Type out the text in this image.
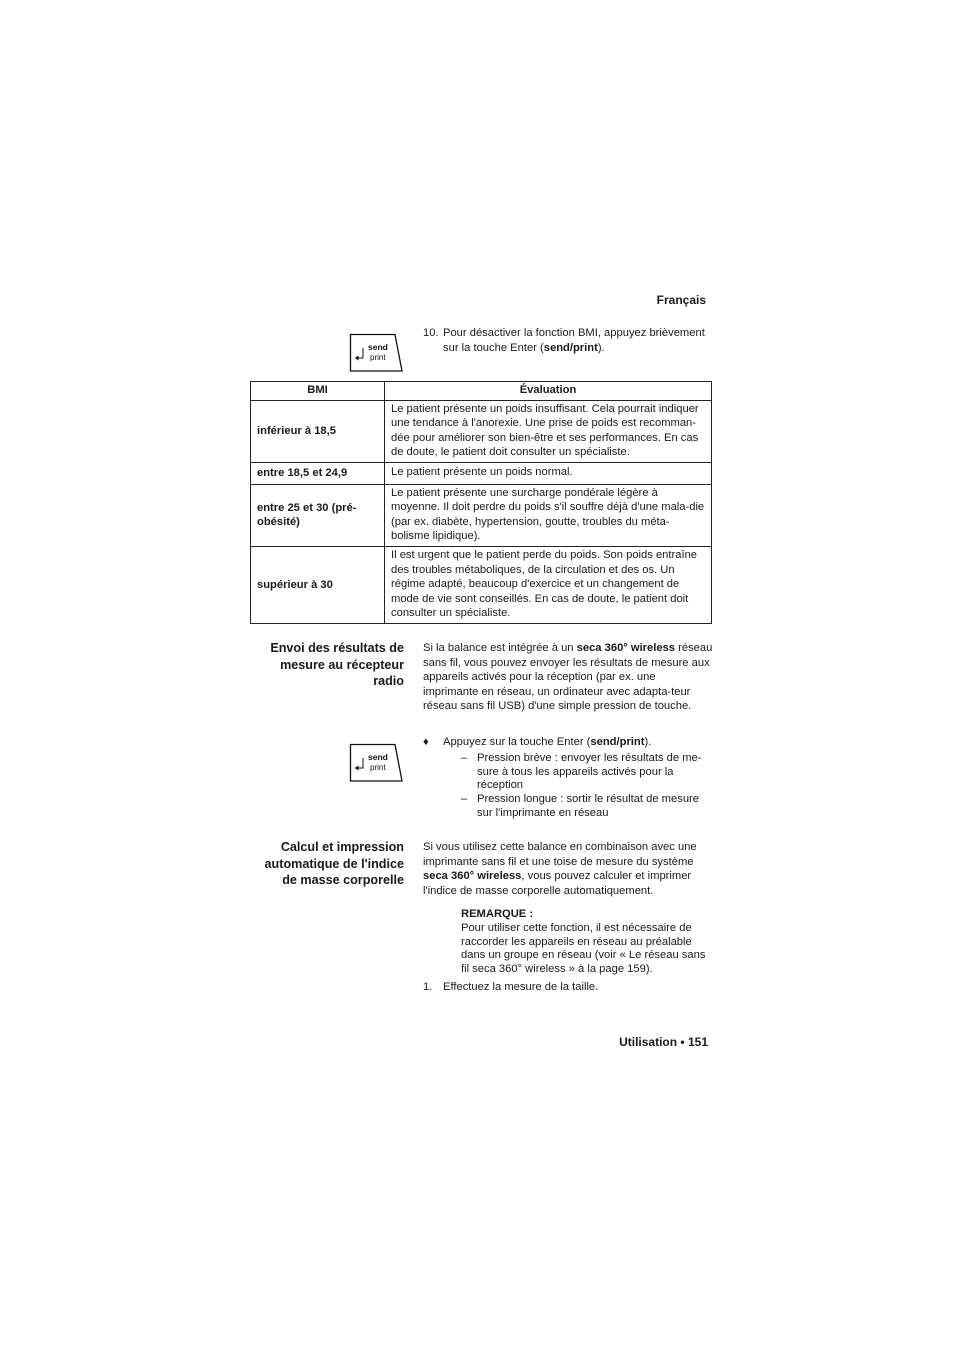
Français
send
print
10. Pour désactiver la fonction BMI, appuyez brièvement sur la touche Enter (send/print).
BMI	Évaluation
inférieur à 18,5	Le patient présente un poids insuffisant. Cela pourrait indiquer une tendance à l'anorexie. Une prise de poids est recomman-dée pour améliorer son bien-être et ses performances. En cas de doute, le patient doit consulter un spécialiste.
entre 18,5 et 24,9	Le patient présente un poids normal.
entre 25 et 30 (pré-obésité)	Le patient présente une surcharge pondérale légère à moyenne. Il doit perdre du poids s'il souffre déjà d'une mala-die (par ex. diabète, hypertension, goutte, troubles du méta-bolisme lipidique).
supérieur à 30	Il est urgent que le patient perde du poids. Son poids entraîne des troubles métaboliques, de la circulation et des os. Un régime adapté, beaucoup d'exercice et un changement de mode de vie sont conseillés. En cas de doute, le patient doit consulter un spécialiste.
Envoi des résultats de mesure au récepteur radio
Si la balance est intégrée à un seca 360° wireless réseau sans fil, vous pouvez envoyer les résultats de mesure aux appareils activés pour la réception (par ex. une imprimante en réseau, un ordinateur avec adapta-teur réseau sans fil USB) d'une simple pression de touche.
send
print
♦ Appuyez sur la touche Enter (send/print).
– Pression brève : envoyer les résultats de me-sure à tous les appareils activés pour la réception
– Pression longue : sortir le résultat de mesure sur l'imprimante en réseau
Calcul et impression automatique de l'indice de masse corporelle
Si vous utilisez cette balance en combinaison avec une imprimante sans fil et une toise de mesure du système seca 360° wireless, vous pouvez calculer et imprimer l'indice de masse corporelle automatiquement.
REMARQUE :
Pour utiliser cette fonction, il est nécessaire de raccorder les appareils en réseau au préalable dans un groupe en réseau (voir « Le réseau sans fil seca 360° wireless » à la page 159).
1. Effectuez la mesure de la taille.
Utilisation • 151
